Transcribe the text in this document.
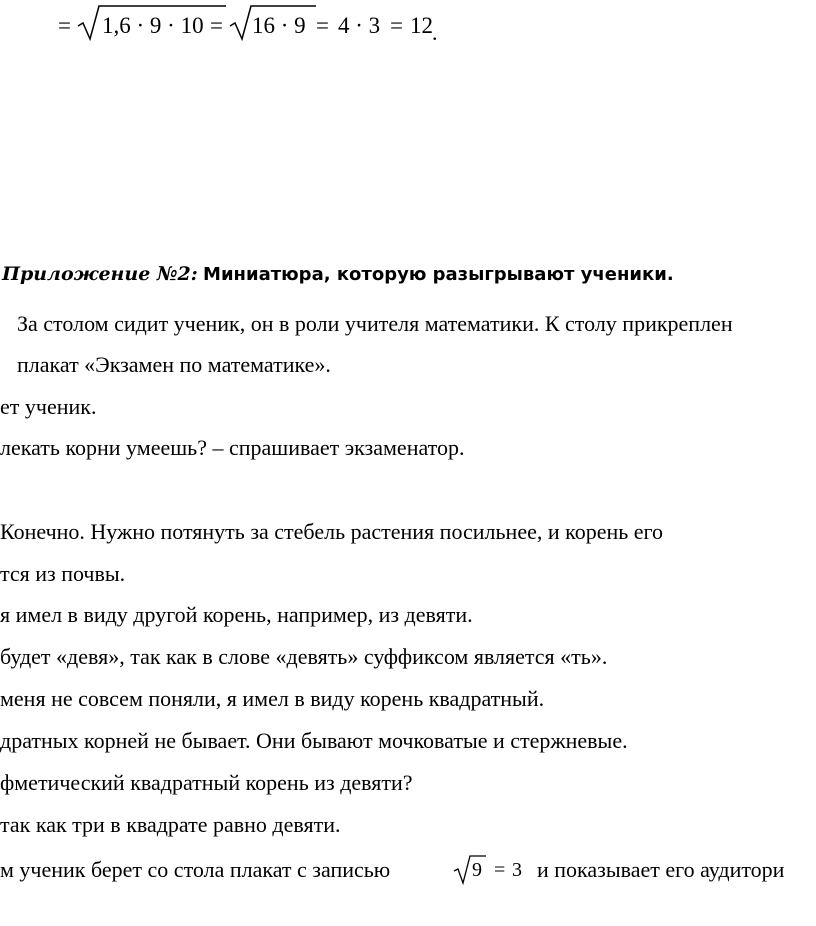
= 1,6 · 9 · 10 = 16 · 9 = 4 · 3 = 12 .
Приложение №2: Миниатюра, которую разыгрывают ученики.
За столом сидит ученик, он в роли учителя математики. К столу прикреплен
плакат «Экзамен по математике».
ет ученик.
лекать корни умеешь? – спрашивает экзаменатор.
Конечно. Нужно потянуть за стебель растения посильнее, и корень его
тся из почвы.
я имел в виду другой корень, например, из девяти.
будет «девя», так как в слове «девять» суффиксом является «ть».
меня не совсем поняли, я имел в виду корень квадратный.
дратных корней не бывает. Они бывают мочковатые и стержневые.
фметический квадратный корень из девяти?
так как три в квадрате равно девяти.
м ученик берет со стола плакат с записью	9 = 3 и показывает его аудитори
